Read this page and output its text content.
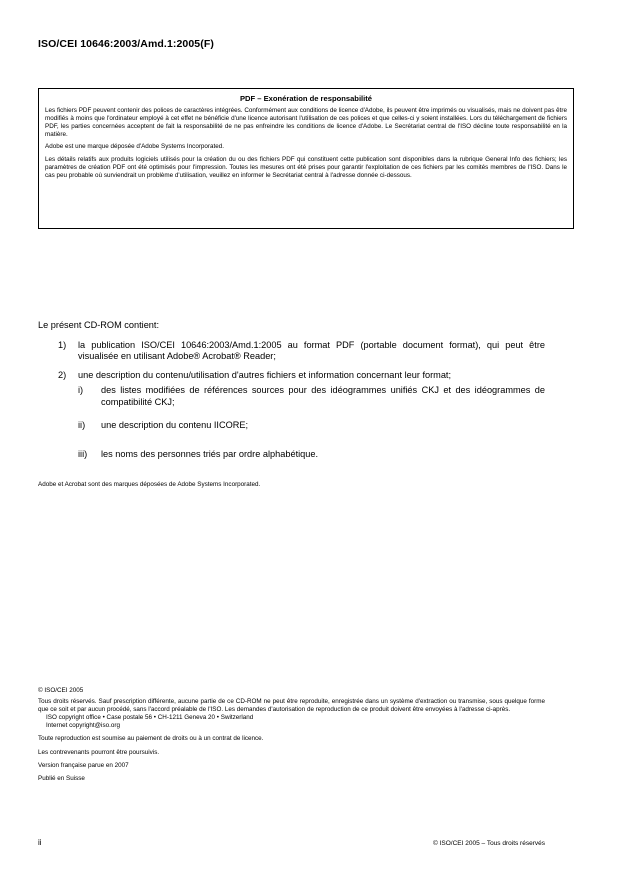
ISO/CEI 10646:2003/Amd.1:2005(F)
PDF – Exonération de responsabilité

Les fichiers PDF peuvent contenir des polices de caractères intégrées. Conformément aux conditions de licence d'Adobe, ils peuvent être imprimés ou visualisés, mais ne doivent pas être modifiés à moins que l'ordinateur employé à cet effet ne bénéficie d'une licence autorisant l'utilisation de ces polices et que celles-ci y soient installées. Lors du téléchargement de fichiers PDF, les parties concernées acceptent de fait la responsabilité de ne pas enfreindre les conditions de licence d'Adobe. Le Secrétariat central de l'ISO décline toute responsabilité en la matière.

Adobe est une marque déposée d'Adobe Systems Incorporated.

Les détails relatifs aux produits logiciels utilisés pour la création du ou des fichiers PDF qui constituent cette publication sont disponibles dans la rubrique General Info des fichiers; les paramètres de création PDF ont été optimisés pour l'impression. Toutes les mesures ont été prises pour garantir l'exploitation de ces fichiers par les comités membres de l'ISO. Dans le cas peu probable où surviendrait un problème d'utilisation, veuillez en informer le Secrétariat central à l'adresse donnée ci-dessous.

Le présent CD-ROM contient:

1) la publication ISO/CEI 10646:2003/Amd.1:2005 au format PDF (portable document format), qui peut être visualisée en utilisant Adobe® Acrobat® Reader;
2) une description du contenu/utilisation d'autres fichiers et information concernant leur format;
i) des listes modifiées de références sources pour des idéogrammes unifiés CKJ et des idéogrammes de compatibilité CKJ;
ii) une description du contenu IICORE;
iii) les noms des personnes triés par ordre alphabétique.
Adobe et Acrobat sont des marques déposées de Adobe Systems Incorporated.

© ISO/CEI 2005

Tous droits réservés. Sauf prescription différente, aucune partie de ce CD-ROM ne peut être reproduite, enregistrée dans un système d'extraction ou transmise, sous quelque forme que ce soit et par aucun procédé, sans l'accord préalable de l'ISO. Les demandes d'autorisation de reproduction de ce produit doivent être envoyées à l'adresse ci-après.

ISO copyright office • Case postale 56 • CH-1211 Geneva 20 • Switzerland

Internet copyright@iso.org

Toute reproduction est soumise au paiement de droits ou à un contrat de licence.

Les contrevenants pourront être poursuivis.

Version française parue en 2007

Publié en Suisse

ii	© ISO/CEI 2005 – Tous droits réservés
